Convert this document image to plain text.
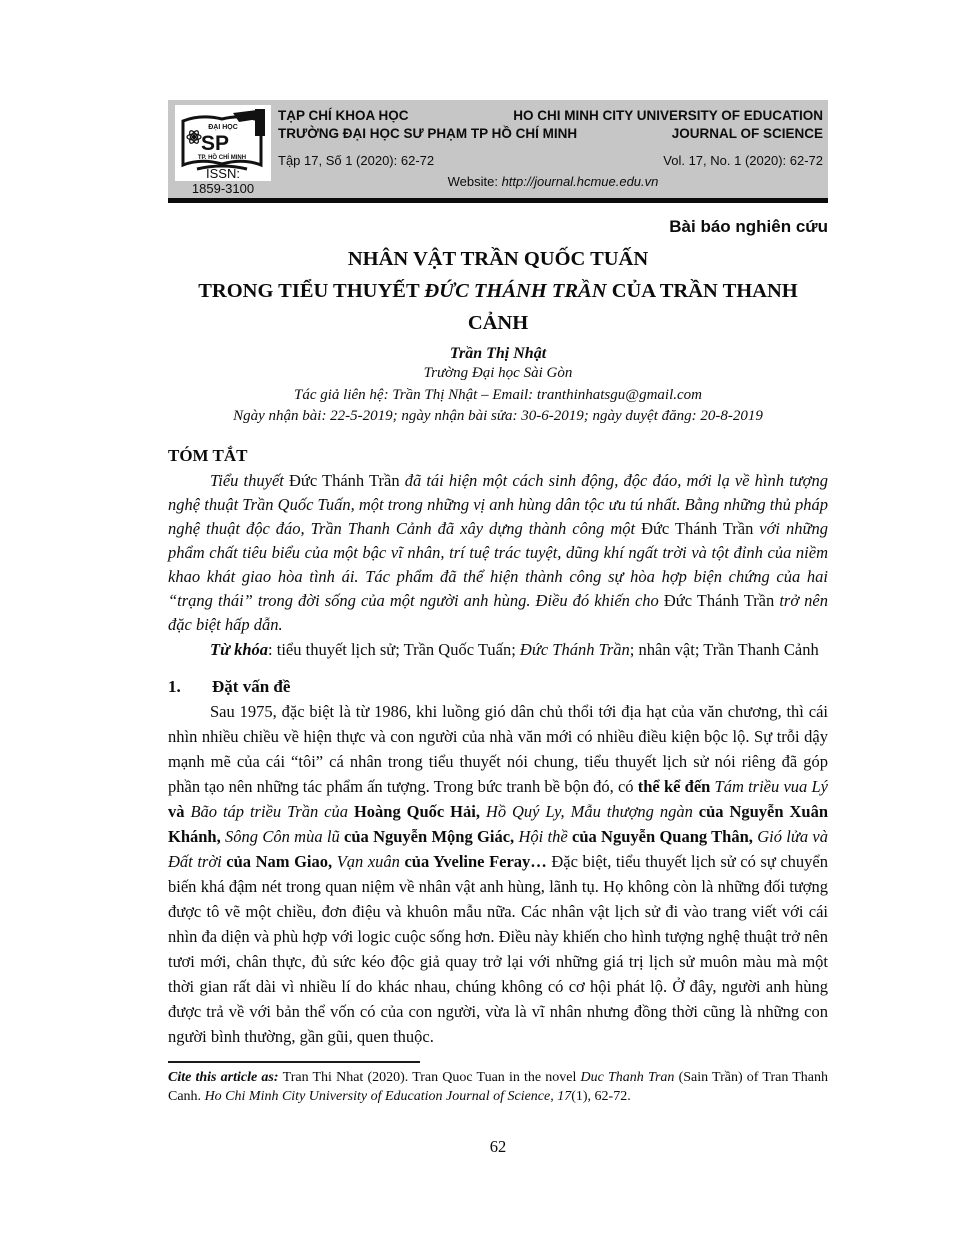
ĐẠI HỌC
SP
TP. HỒ CHÍ MINH
TẠP CHÍ KHOA HỌC
TRƯỜNG ĐẠI HỌC SƯ PHẠM TP HỒ CHÍ MINH
HO CHI MINH CITY UNIVERSITY OF EDUCATION
JOURNAL OF SCIENCE
Tập 17, Số 1 (2020): 62-72	Vol. 17, No. 1 (2020): 62-72
ISSN:
1859-3100	Website: http://journal.hcmue.edu.vn
Bài báo nghiên cứu
NHÂN VẬT TRẦN QUỐC TUẤN
TRONG TIỂU THUYẾT ĐỨC THÁNH TRẦN CỦA TRẦN THANH CẢNH
Trần Thị Nhật
Trường Đại học Sài Gòn
Tác giả liên hệ: Trần Thị Nhật – Email: tranthinhatsgu@gmail.com
Ngày nhận bài: 22-5-2019; ngày nhận bài sửa: 30-6-2019; ngày duyệt đăng: 20-8-2019
TÓM TẮT

Tiểu thuyết Đức Thánh Trần đã tái hiện một cách sinh động, độc đáo, mới lạ về hình tượng nghệ thuật Trần Quốc Tuấn, một trong những vị anh hùng dân tộc ưu tú nhất. Bằng những thủ pháp nghệ thuật độc đáo, Trần Thanh Cảnh đã xây dựng thành công một Đức Thánh Trần với những phẩm chất tiêu biểu của một bậc vĩ nhân, trí tuệ trác tuyệt, dũng khí ngất trời và tột đỉnh của niềm khao khát giao hòa tình ái. Tác phẩm đã thể hiện thành công sự hòa hợp biện chứng của hai “trạng thái” trong đời sống của một người anh hùng. Điều đó khiến cho Đức Thánh Trần trở nên đặc biệt hấp dẫn.

Từ khóa: tiểu thuyết lịch sử; Trần Quốc Tuấn; Đức Thánh Trần; nhân vật; Trần Thanh Cảnh

1. Đặt vấn đề

Sau 1975, đặc biệt là từ 1986, khi luồng gió dân chủ thổi tới địa hạt của văn chương, thì cái nhìn nhiều chiều về hiện thực và con người của nhà văn mới có nhiều điều kiện bộc lộ. Sự trỗi dậy mạnh mẽ của cái “tôi” cá nhân trong tiểu thuyết nói chung, tiểu thuyết lịch sử nói riêng đã góp phần tạo nên những tác phẩm ấn tượng. Trong bức tranh bề bộn đó, có thể kể đến Tám triều vua Lý và Bão táp triều Trần của Hoàng Quốc Hải, Hồ Quý Ly, Mẫu thượng ngàn của Nguyễn Xuân Khánh, Sông Côn mùa lũ của Nguyễn Mộng Giác, Hội thề của Nguyễn Quang Thân, Gió lửa và Đất trời của Nam Giao, Vạn xuân của Yveline Feray… Đặc biệt, tiểu thuyết lịch sử có sự chuyển biến khá đậm nét trong quan niệm về nhân vật anh hùng, lãnh tụ. Họ không còn là những đối tượng được tô vẽ một chiều, đơn điệu và khuôn mẫu nữa. Các nhân vật lịch sử đi vào trang viết với cái nhìn đa diện và phù hợp với logic cuộc sống hơn. Điều này khiến cho hình tượng nghệ thuật trở nên tươi mới, chân thực, đủ sức kéo độc giả quay trở lại với những giá trị lịch sử muôn màu mà một thời gian rất dài vì nhiều lí do khác nhau, chúng không có cơ hội phát lộ. Ở đây, người anh hùng được trả về với bản thể vốn có của con người, vừa là vĩ nhân nhưng đồng thời cũng là những con người bình thường, gần gũi, quen thuộc.

Cite this article as: Tran Thi Nhat (2020). Tran Quoc Tuan in the novel Duc Thanh Tran (Sain Trần) of Tran Thanh Canh. Ho Chi Minh City University of Education Journal of Science, 17(1), 62-72.

62
